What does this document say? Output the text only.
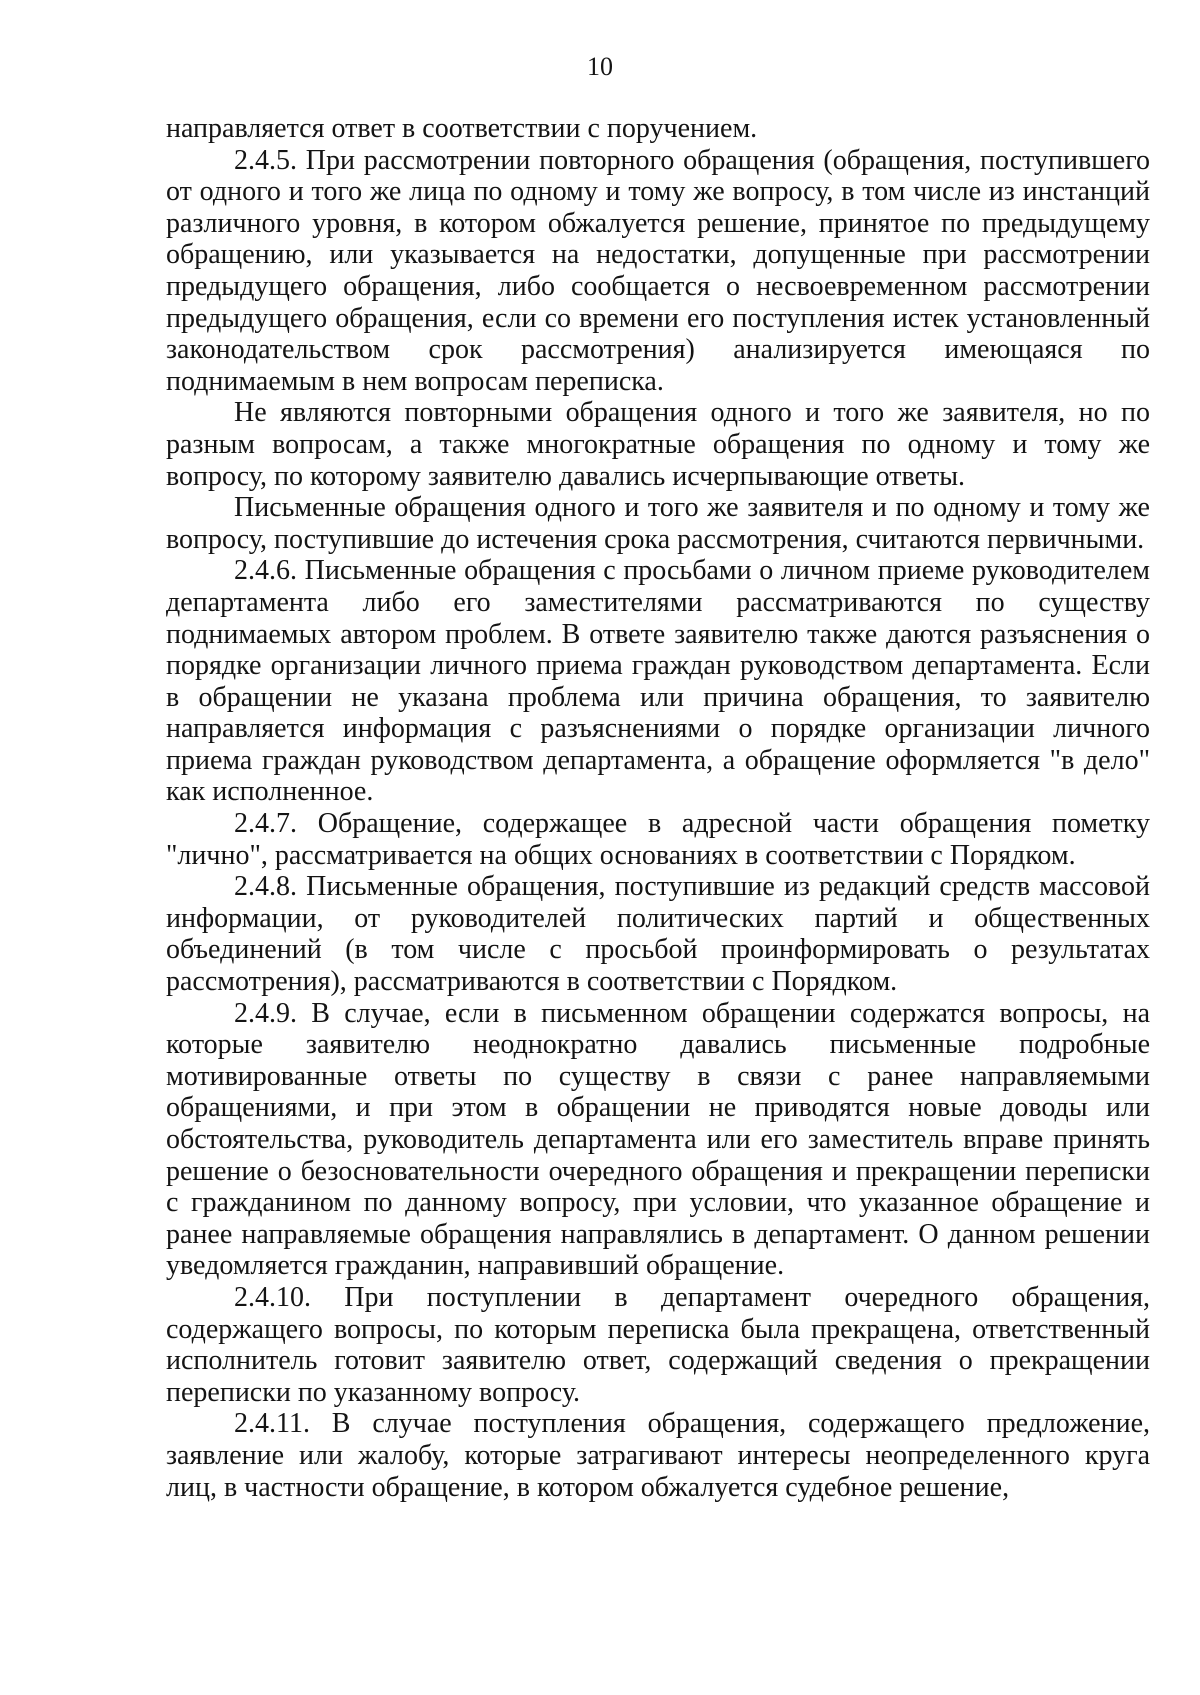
10

направляется ответ в соответствии с поручением.

2.4.5. При рассмотрении повторного обращения (обращения, поступившего от одного и того же лица по одному и тому же вопросу, в том числе из инстанций различного уровня, в котором обжалуется решение, принятое по предыдущему обращению, или указывается на недостатки, допущенные при рассмотрении предыдущего обращения, либо сообщается о несвоевременном рассмотрении предыдущего обращения, если со времени его поступления истек установленный законодательством срок рассмотрения) анализируется имеющаяся по поднимаемым в нем вопросам переписка.

Не являются повторными обращения одного и того же заявителя, но по разным вопросам, а также многократные обращения по одному и тому же вопросу, по которому заявителю давались исчерпывающие ответы.

Письменные обращения одного и того же заявителя и по одному и тому же вопросу, поступившие до истечения срока рассмотрения, считаются первичными.

2.4.6. Письменные обращения с просьбами о личном приеме руководителем департамента либо его заместителями рассматриваются по существу поднимаемых автором проблем. В ответе заявителю также даются разъяснения о порядке организации личного приема граждан руководством департамента. Если в обращении не указана проблема или причина обращения, то заявителю направляется информация с разъяснениями о порядке организации личного приема граждан руководством департамента, а обращение оформляется "в дело" как исполненное.

2.4.7. Обращение, содержащее в адресной части обращения пометку "лично", рассматривается на общих основаниях в соответствии с Порядком.

2.4.8. Письменные обращения, поступившие из редакций средств массовой информации, от руководителей политических партий и общественных объединений (в том числе с просьбой проинформировать о результатах рассмотрения), рассматриваются в соответствии с Порядком.

2.4.9. В случае, если в письменном обращении содержатся вопросы, на которые заявителю неоднократно давались письменные подробные мотивированные ответы по существу в связи с ранее направляемыми обращениями, и при этом в обращении не приводятся новые доводы или обстоятельства, руководитель департамента или его заместитель вправе принять решение о безосновательности очередного обращения и прекращении переписки с гражданином по данному вопросу, при условии, что указанное обращение и ранее направляемые обращения направлялись в департамент. О данном решении уведомляется гражданин, направивший обращение.

2.4.10. При поступлении в департамент очередного обращения, содержащего вопросы, по которым переписка была прекращена, ответственный исполнитель готовит заявителю ответ, содержащий сведения о прекращении переписки по указанному вопросу.

2.4.11. В случае поступления обращения, содержащего предложение, заявление или жалобу, которые затрагивают интересы неопределенного круга лиц, в частности обращение, в котором обжалуется судебное решение,
